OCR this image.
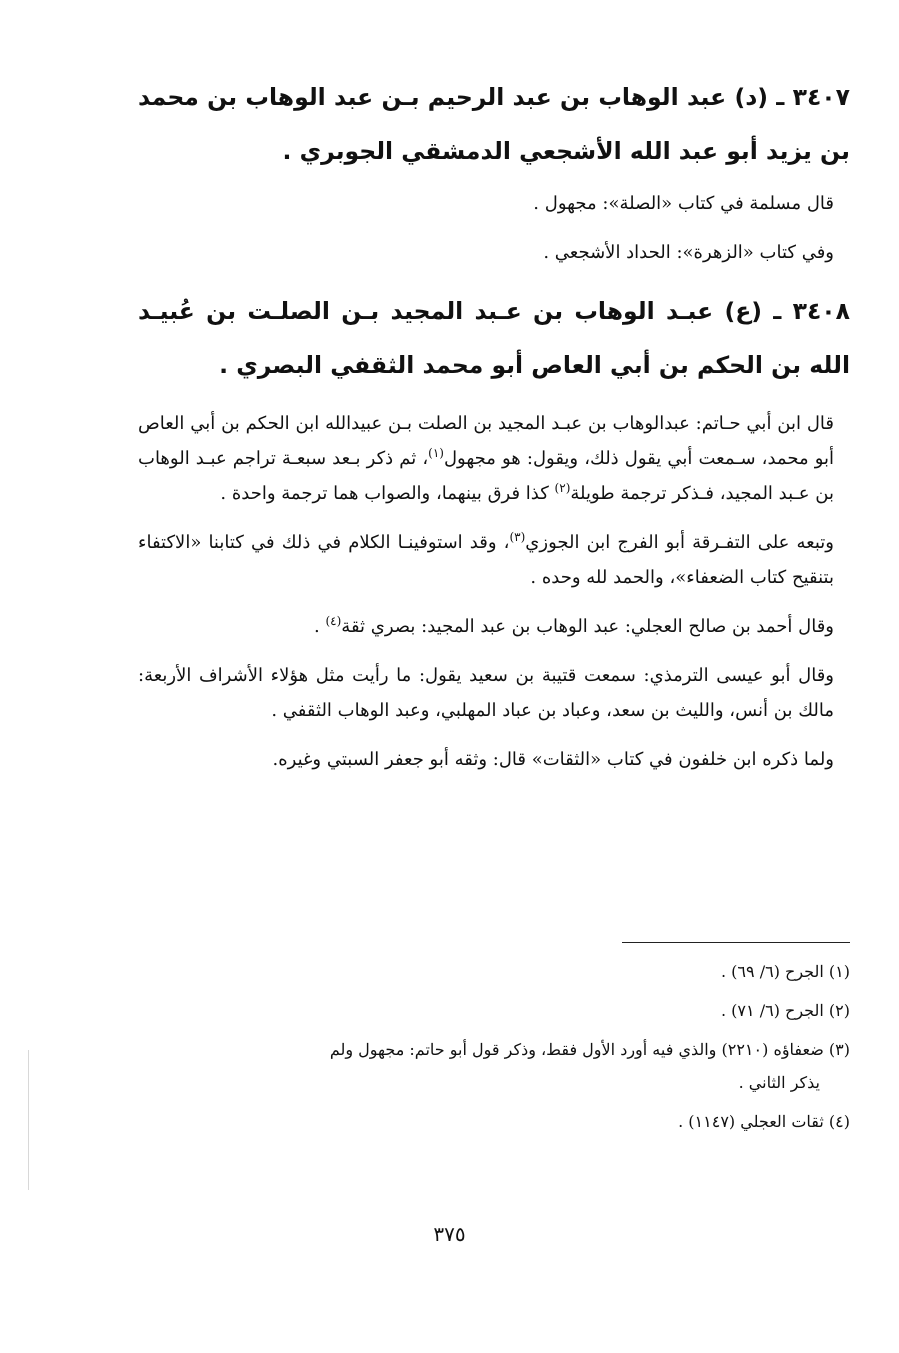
٣٤٠٧ ـ (د) عبد الوهاب بن عبد الرحيم بـن عبد الوهاب بن محمد بن يزيد أبو عبد الله الأشجعي الدمشقي الجوبري .

قال مسلمة في كتاب «الصلة»: مجهول .

وفي كتاب «الزهرة»: الحداد الأشجعي .

٣٤٠٨ ـ (ع) عبـد الوهاب بن عـبد المجيد بـن الصلـت بن عُبيـد الله بن الحكم بن أبي العاص أبو محمد الثقفي البصري .

قال ابن أبي حـاتم: عبدالوهاب بن عبـد المجيد بن الصلت بـن عبيدالله ابن الحكم بن أبي العاص أبو محمد، سـمعت أبي يقول ذلك، ويقول: هو مجهول$^{(١)}$، ثم ذكر بـعد سبعـة تراجم عبـد الوهاب بن عـبد المجيد، فـذكر ترجمة طويلة$^{(٢)}$ كذا فرق بينهما، والصواب هما ترجمة واحدة .

وتبعه على التفـرقة أبو الفرج ابن الجوزي$^{(٣)}$، وقد استوفينـا الكلام في ذلك في كتابنا «الاكتفاء بتنقيح كتاب الضعفاء»، والحمد لله وحده .

وقال أحمد بن صالح العجلي: عبد الوهاب بن عبد المجيد: بصري ثقة$^{(٤)}$ .

وقال أبو عيسى الترمذي: سمعت قتيبة بن سعيد يقول: ما رأيت مثل هؤلاء الأشراف الأربعة: مالك بن أنس، والليث بن سعد، وعباد بن عباد المهلبي، وعبد الوهاب الثقفي .

ولما ذكره ابن خلفون في كتاب «الثقات» قال: وثقه أبو جعفر السبتي وغيره.

(١) الجرح (٦/ ٦٩) .

(٢) الجرح (٦/ ٧١) .

(٣) ضعفاؤه (٢٢١٠) والذي فيه أورد الأول فقط، وذكر قول أبو حاتم: مجهول ولم
يذكر الثاني .

(٤) ثقات العجلي (١١٤٧) .

٣٧٥
